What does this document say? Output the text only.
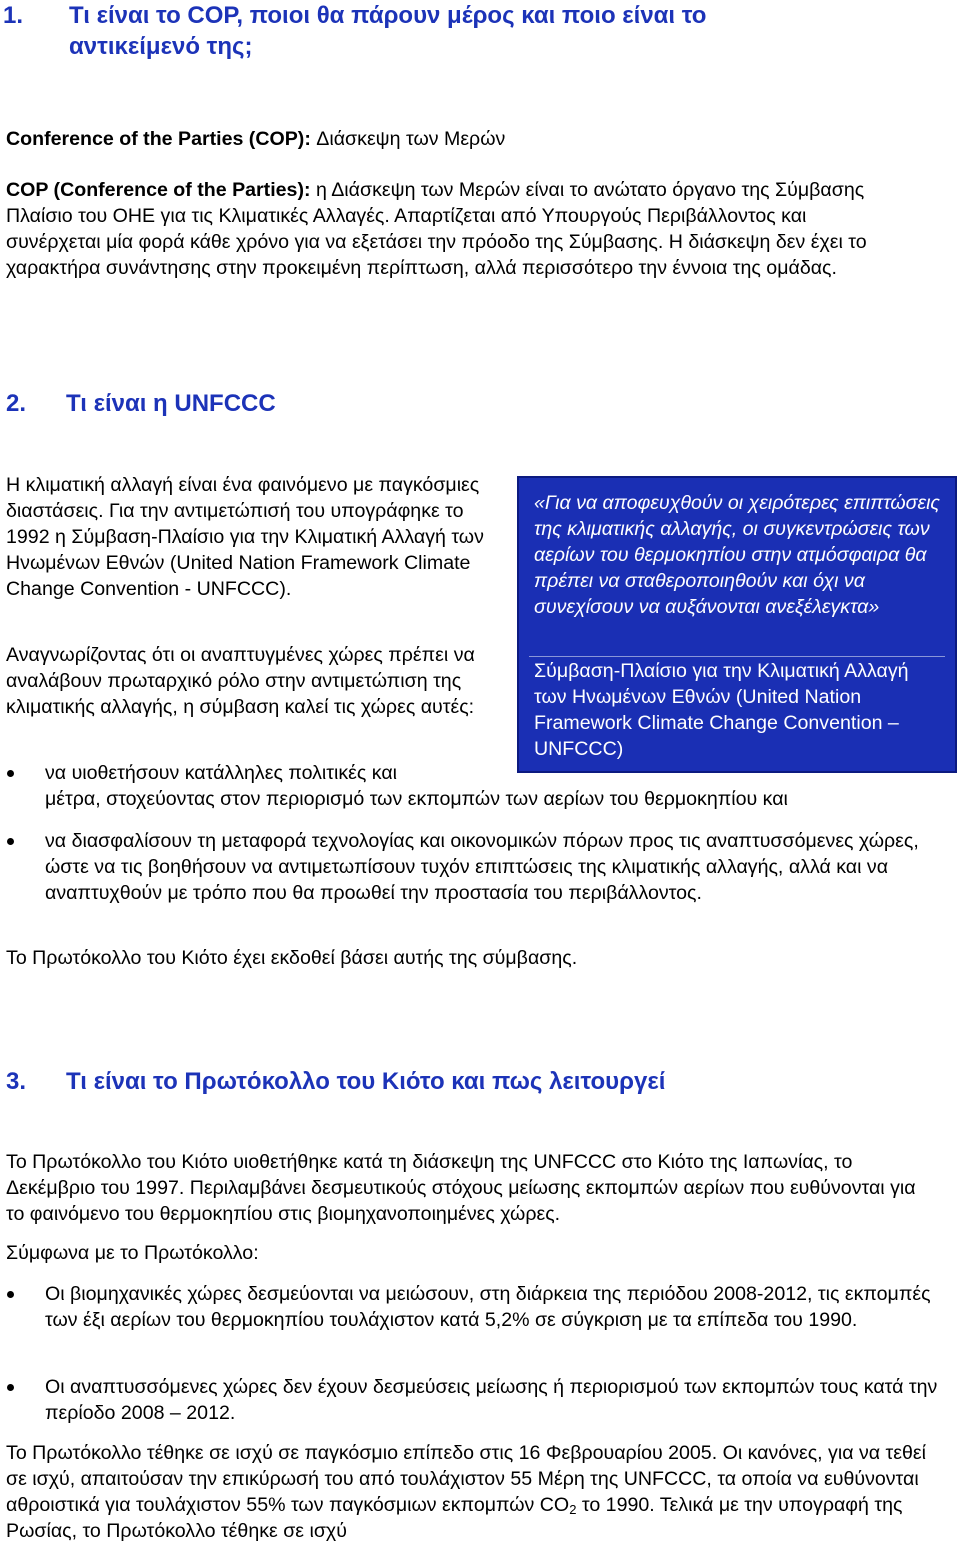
1. Τι είναι το COP, ποιοι θα πάρουν μέρος και ποιο είναι το
αντικείμενό της;

Conference of the Parties (COP): Διάσκεψη των Μερών

COP (Conference of the Parties): η Διάσκεψη των Μερών είναι το ανώτατο όργανο της Σύμβασης Πλαίσιο του ΟΗΕ για τις Κλιματικές Αλλαγές. Απαρτίζεται από Υπουργούς Περιβάλλοντος και συνέρχεται μία φορά κάθε χρόνο για να εξετάσει την πρόοδο της Σύμβασης. Η διάσκεψη δεν έχει το χαρακτήρα συνάντησης στην προκειμένη περίπτωση, αλλά περισσότερο την έννοια της ομάδας.

2. Τι είναι η UNFCCC

Η κλιματική αλλαγή είναι ένα φαινόμενο με παγκόσμιες διαστάσεις. Για την αντιμετώπισή του υπογράφηκε το 1992 η Σύμβαση-Πλαίσιο για την Κλιματική Αλλαγή των Ηνωμένων Εθνών (United Nation Framework Climate Change Convention - UNFCCC).

Αναγνωρίζοντας ότι οι αναπτυγμένες χώρες πρέπει να αναλάβουν πρωταρχικό ρόλο στην αντιμετώπιση της κλιματικής αλλαγής, η σύμβαση καλεί τις χώρες αυτές:

«Για να αποφευχθούν οι χειρότερες επιπτώσεις της κλιματικής αλλαγής, οι συγκεντρώσεις των αερίων του θερμοκηπίου στην ατμόσφαιρα θα πρέπει να σταθεροποιηθούν και όχι να συνεχίσουν να αυξάνονται ανεξέλεγκτα»

Σύμβαση-Πλαίσιο για την Κλιματική Αλλαγή των Ηνωμένων Εθνών (United Nation Framework Climate Change Convention – UNFCCC)

να υιοθετήσουν κατάλληλες πολιτικές και
μέτρα, στοχεύοντας στον περιορισμό των εκπομπών των αερίων του θερμοκηπίου και
να διασφαλίσουν τη μεταφορά τεχνολογίας και οικονομικών πόρων προς τις αναπτυσσόμενες χώρες, ώστε να τις βοηθήσουν να αντιμετωπίσουν τυχόν επιπτώσεις της κλιματικής αλλαγής, αλλά και να αναπτυχθούν με τρόπο που θα προωθεί την προστασία του περιβάλλοντος.

Το Πρωτόκολλο του Κιότο έχει εκδοθεί βάσει αυτής της σύμβασης.

3. Τι είναι το Πρωτόκολλο του Κιότο και πως λειτουργεί

Το Πρωτόκολλο του Κιότο υιοθετήθηκε κατά τη διάσκεψη της UNFCCC στο Κιότο της Ιαπωνίας, το Δεκέμβριο του 1997. Περιλαμβάνει δεσμευτικούς στόχους μείωσης εκπομπών αερίων που ευθύνονται για το φαινόμενο του θερμοκηπίου στις βιομηχανοποιημένες χώρες.

Σύμφωνα με το Πρωτόκολλο:

Οι βιομηχανικές χώρες δεσμεύονται να μειώσουν, στη διάρκεια της περιόδου 2008-2012, τις εκπομπές των έξι αερίων του θερμοκηπίου τουλάχιστον κατά 5,2% σε σύγκριση με τα επίπεδα του 1990.
Οι αναπτυσσόμενες χώρες δεν έχουν δεσμεύσεις μείωσης ή περιορισμού των εκπομπών τους κατά την περίοδο 2008 – 2012.

Το Πρωτόκολλο τέθηκε σε ισχύ σε παγκόσμιο επίπεδο στις 16 Φεβρουαρίου 2005. Οι κανόνες, για να τεθεί σε ισχύ, απαιτούσαν την επικύρωσή του από τουλάχιστον 55 Μέρη της UNFCCC, τα οποία να ευθύνονται αθροιστικά για τουλάχιστον 55% των παγκόσμιων εκπομπών $CO_2$ το 1990. Τελικά με την υπογραφή της Ρωσίας, το Πρωτόκολλο τέθηκε σε ισχύ
